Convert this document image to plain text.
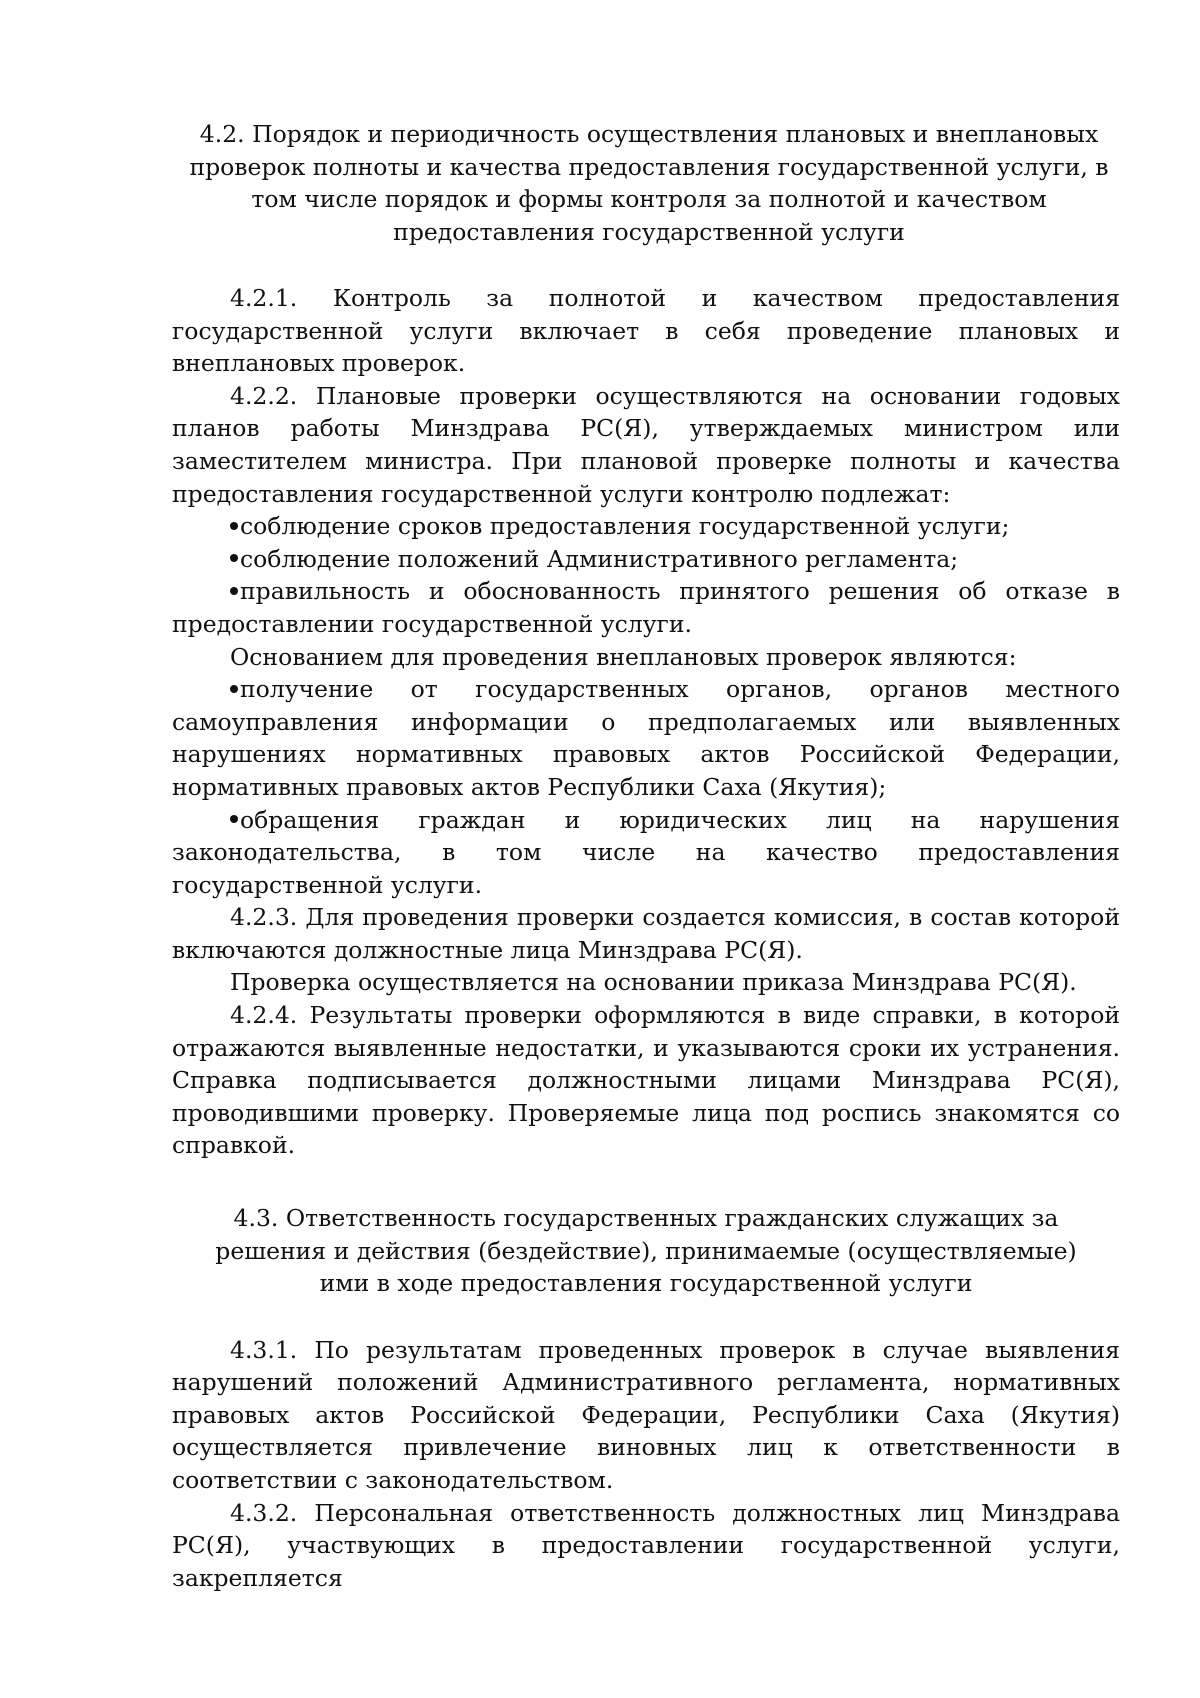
4.2. Порядок и периодичность осуществления плановых и внеплановых проверок полноты и качества предоставления государственной услуги, в том числе порядок и формы контроля за полнотой и качеством предоставления государственной услуги

4.2.1. Контроль за полнотой и качеством предоставления государственной услуги включает в себя проведение плановых и внеплановых проверок.

4.2.2. Плановые проверки осуществляются на основании годовых планов работы Минздрава РС(Я), утверждаемых министром или заместителем министра. При плановой проверке полноты и качества предоставления государственной услуги контролю подлежат:

соблюдение сроков предоставления государственной услуги;

соблюдение положений Административного регламента;

правильность и обоснованность принятого решения об отказе в предоставлении государственной услуги.

Основанием для проведения внеплановых проверок являются:

получение от государственных органов, органов местного самоуправления информации о предполагаемых или выявленных нарушениях нормативных правовых актов Российской Федерации, нормативных правовых актов Республики Саха (Якутия);

обращения граждан и юридических лиц на нарушения законодательства, в том числе на качество предоставления государственной услуги.

4.2.3. Для проведения проверки создается комиссия, в состав которой включаются должностные лица Минздрава РС(Я).

Проверка осуществляется на основании приказа Минздрава РС(Я).

4.2.4. Результаты проверки оформляются в виде справки, в которой отражаются выявленные недостатки, и указываются сроки их устранения. Справка подписывается должностными лицами Минздрава РС(Я), проводившими проверку. Проверяемые лица под роспись знакомятся со справкой.

4.3. Ответственность государственных гражданских служащих за решения и действия (бездействие), принимаемые (осуществляемые) ими в ходе предоставления государственной услуги

4.3.1. По результатам проведенных проверок в случае выявления нарушений положений Административного регламента, нормативных правовых актов Российской Федерации, Республики Саха (Якутия) осуществляется привлечение виновных лиц к ответственности в соответствии с законодательством.

4.3.2. Персональная ответственность должностных лиц Минздрава РС(Я), участвующих в предоставлении государственной услуги, закрепляется
